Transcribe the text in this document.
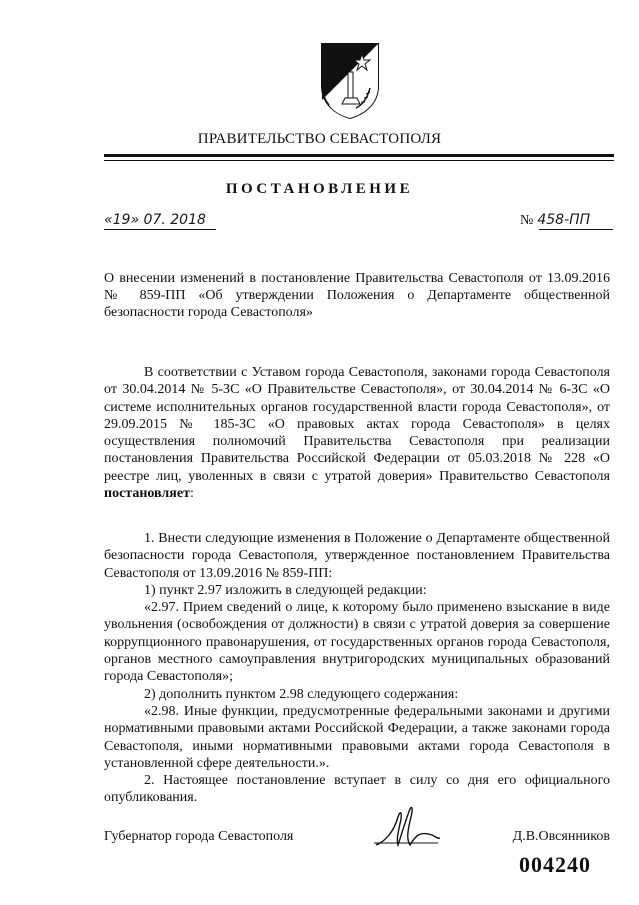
ПРАВИТЕЛЬСТВО СЕВАСТОПОЛЯ
ПОСТАНОВЛЕНИЕ
«19» 07. 2018	№ 458-ПП
О внесении изменений в постановление Правительства Севастополя от 13.09.2016 № 859-ПП «Об утверждении Положения о Департаменте общественной безопасности города Севастополя»

В соответствии с Уставом города Севастополя, законами города Севастополя от 30.04.2014 № 5-ЗС «О Правительстве Севастополя», от 30.04.2014 № 6-ЗС «О системе исполнительных органов государственной власти города Севастополя», от 29.09.2015 № 185-ЗС «О правовых актах города Севастополя» в целях осуществления полномочий Правительства Севастополя при реализации постановления Правительства Российской Федерации от 05.03.2018 № 228 «О реестре лиц, уволенных в связи с утратой доверия» Правительство Севастополя постановляет:

1. Внести следующие изменения в Положение о Департаменте общественной безопасности города Севастополя, утвержденное постановлением Правительства Севастополя от 13.09.2016 № 859-ПП:

1) пункт 2.97 изложить в следующей редакции:

«2.97. Прием сведений о лице, к которому было применено взыскание в виде увольнения (освобождения от должности) в связи с утратой доверия за совершение коррупционного правонарушения, от государственных органов города Севастополя, органов местного самоуправления внутригородских муниципальных образований города Севастополя»;

2) дополнить пунктом 2.98 следующего содержания:

«2.98. Иные функции, предусмотренные федеральными законами и другими нормативными правовыми актами Российской Федерации, а также законами города Севастополя, иными нормативными правовыми актами города Севастополя в установленной сфере деятельности.».

2. Настоящее постановление вступает в силу со дня его официального опубликования.

Губернатор города Севастополя	Д.В.Овсянников
004240
